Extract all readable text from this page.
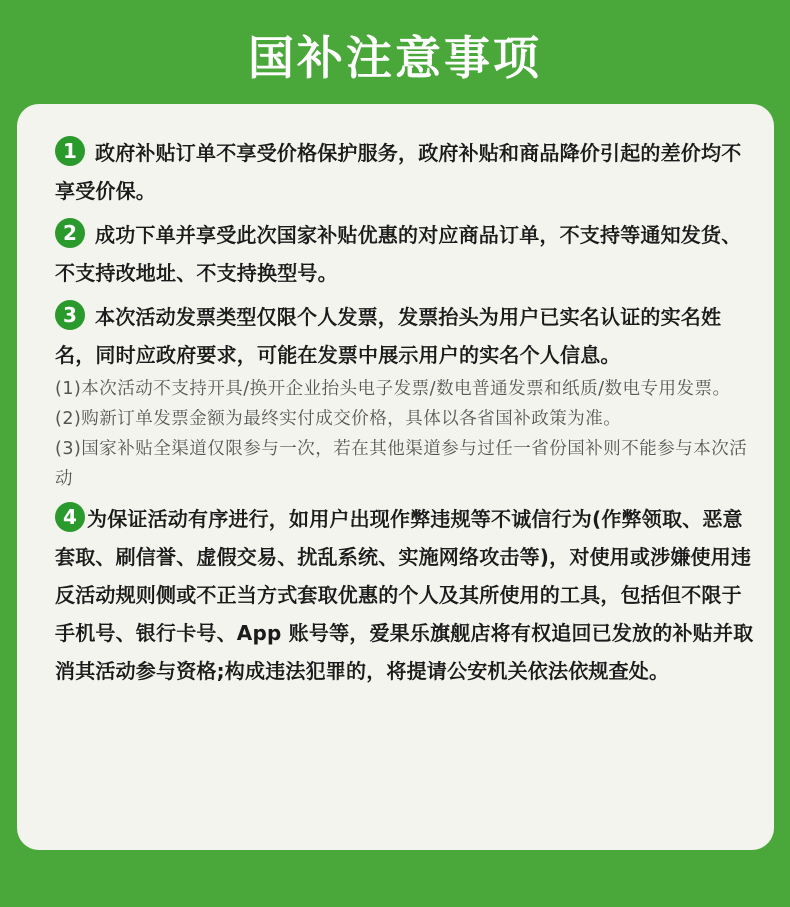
国补注意事项
1 政府补贴订单不享受价格保护服务，政府补贴和商品降价引起的差价均不享受价保。
2 成功下单并享受此次国家补贴优惠的对应商品订单，不支持等通知发货、不支持改地址、不支持换型号。
3 本次活动发票类型仅限个人发票，发票抬头为用户已实名认证的实名姓名，同时应政府要求，可能在发票中展示用户的实名个人信息。
(1)本次活动不支持开具/换开企业抬头电子发票/数电普通发票和纸质/数电专用发票。
(2)购新订单发票金额为最终实付成交价格，具体以各省国补政策为准。
(3)国家补贴全渠道仅限参与一次，若在其他渠道参与过任一省份国补则不能参与本次活动
4 为保证活动有序进行，如用户出现作弊违规等不诚信行为(作弊领取、恶意套取、刷信誉、虚假交易、扰乱系统、实施网络攻击等)，对使用或涉嫌使用违反活动规则侧或不正当方式套取优惠的个人及其所使用的工具，包括但不限于手机号、银行卡号、App 账号等，爱果乐旗舰店将有权追回已发放的补贴并取消其活动参与资格;构成违法犯罪的，将提请公安机关依法依规查处。
